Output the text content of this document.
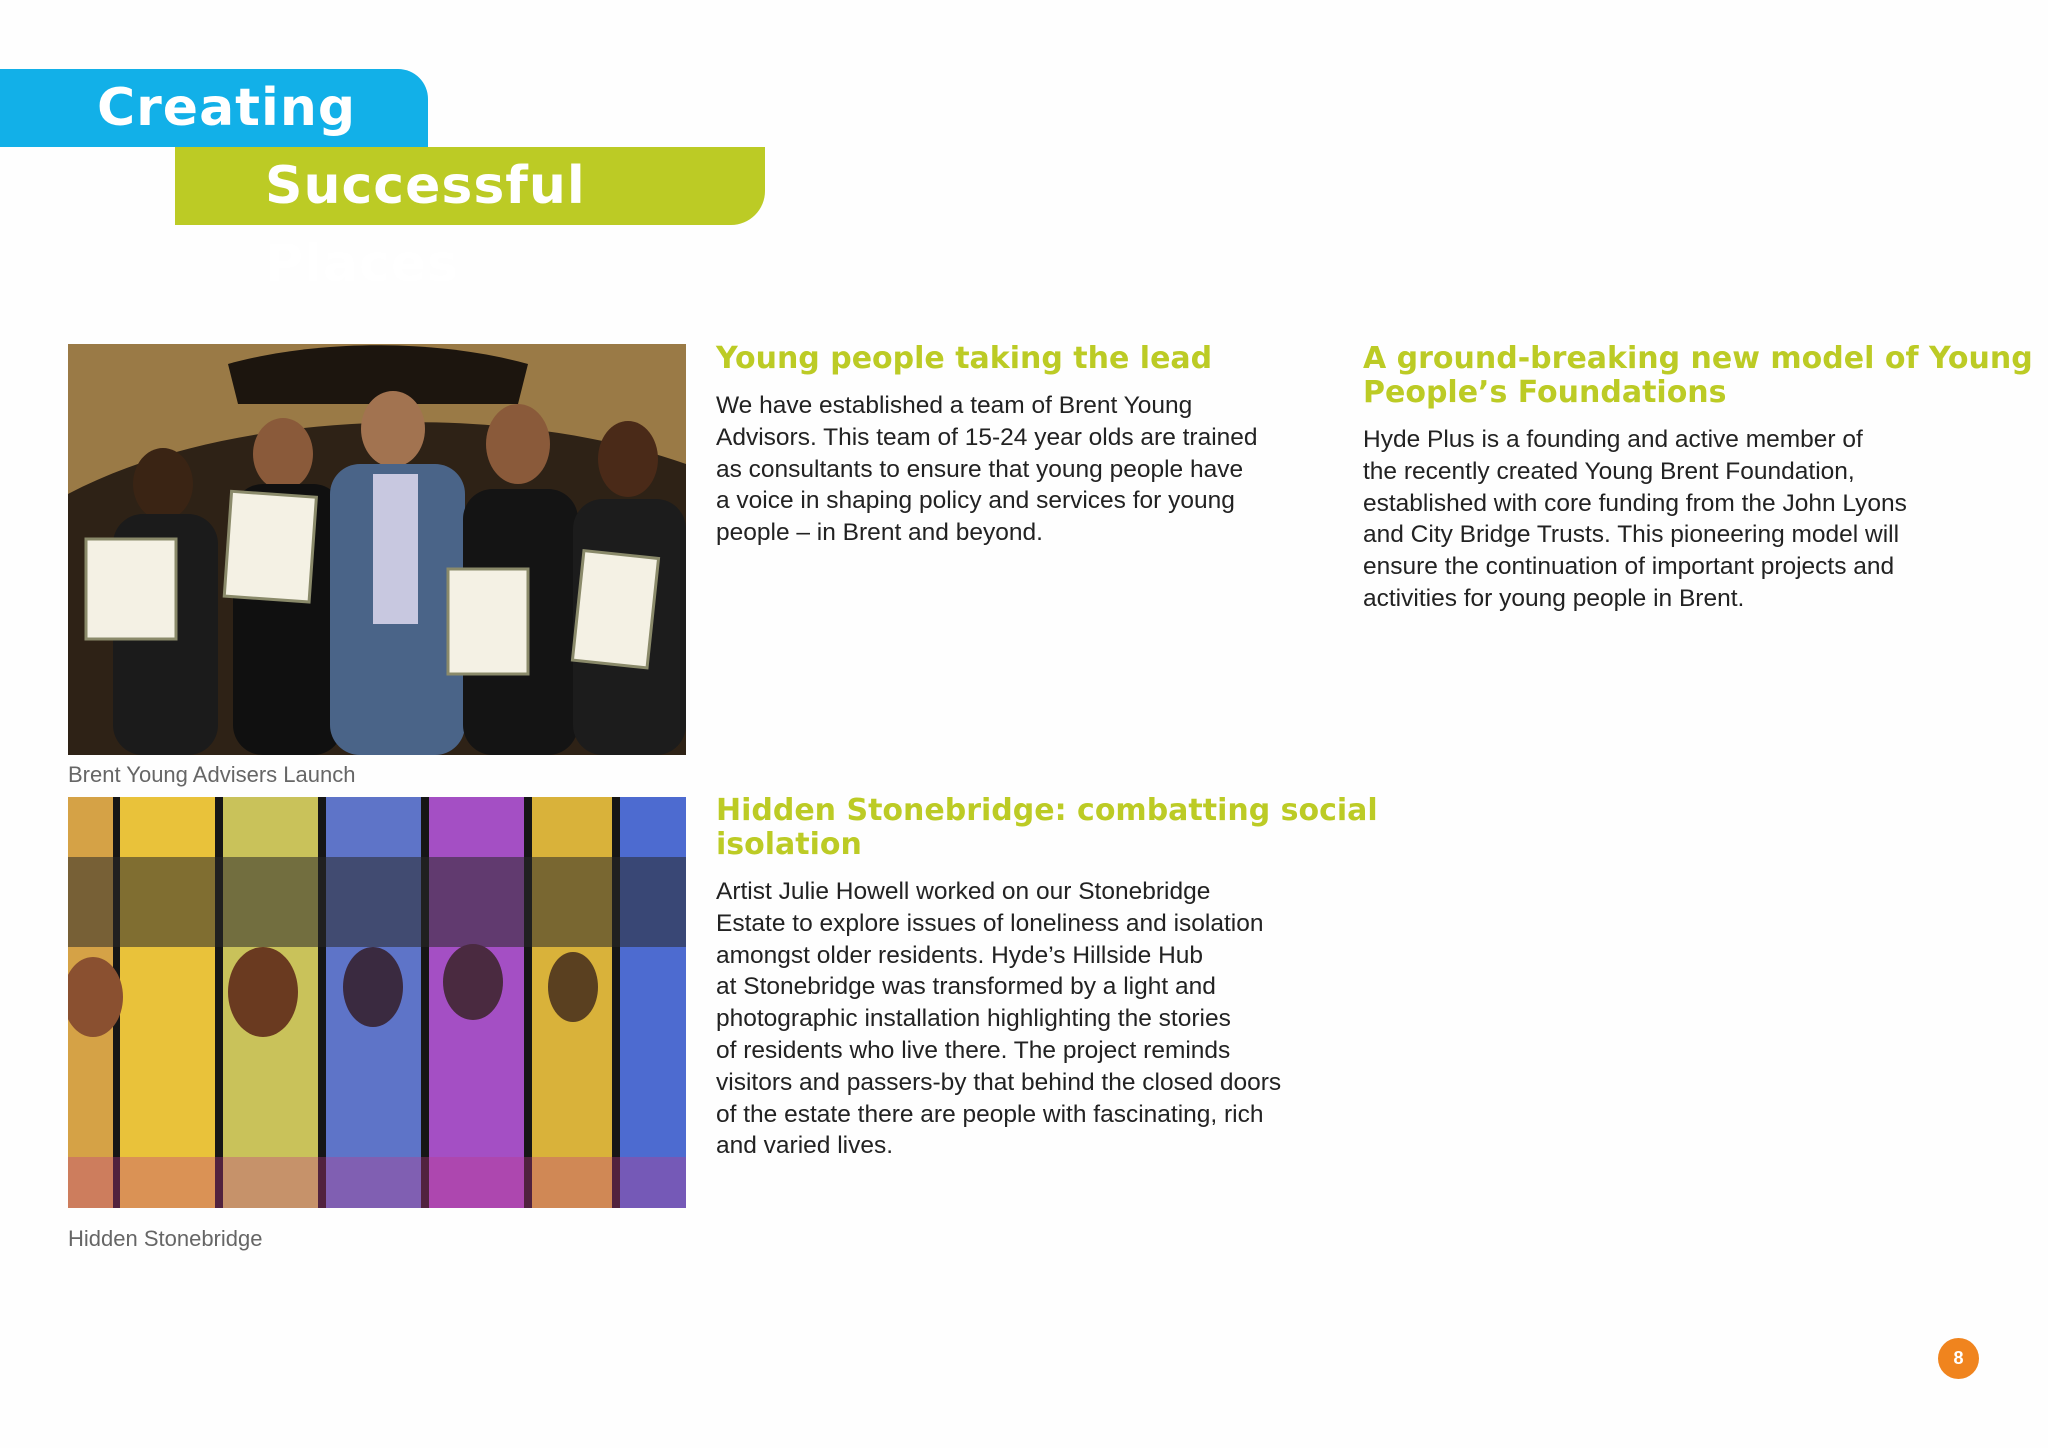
Creating
Successful Places
Brent Young Advisers Launch
Hidden Stonebridge
Young people taking the lead
We have established a team of Brent Young
Advisors. This team of 15-24 year olds are trained
as consultants to ensure that young people have
a voice in shaping policy and services for young
people – in Brent and beyond.
A ground-breaking new model of Young
People’s Foundations
Hyde Plus is a founding and active member of
the recently created Young Brent Foundation,
established with core funding from the John Lyons
and City Bridge Trusts. This pioneering model will
ensure the continuation of important projects and
activities for young people in Brent.
Hidden Stonebridge: combatting social
isolation
Artist Julie Howell worked on our Stonebridge
Estate to explore issues of loneliness and isolation
amongst older residents. Hyde’s Hillside Hub
at Stonebridge was transformed by a light and
photographic installation highlighting the stories
of residents who live there. The project reminds
visitors and passers-by that behind the closed doors
of the estate there are people with fascinating, rich
and varied lives.
8
